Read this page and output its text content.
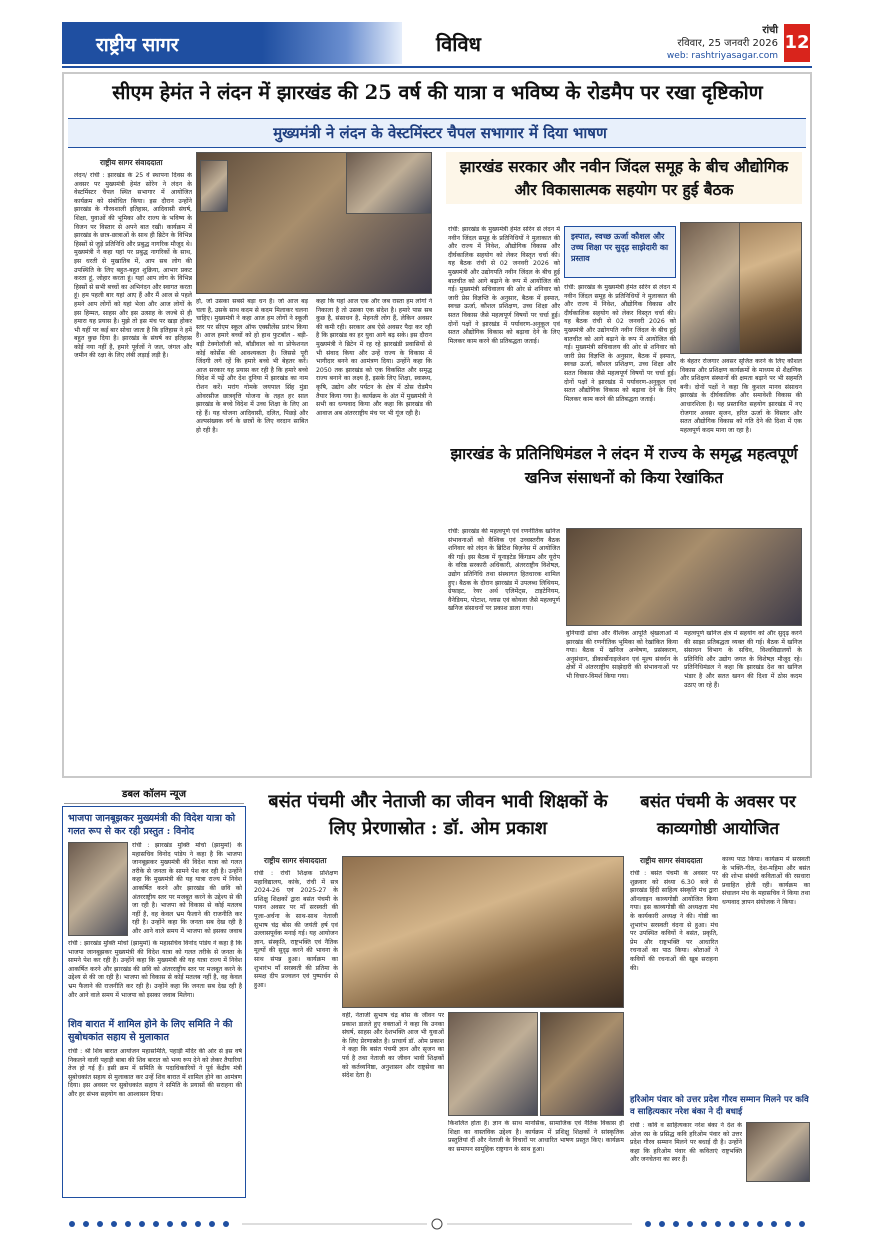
राष्ट्रीय सागर	विविध
रांची
रविवार, 25 जनवरी 2026
web: rashtriyasagar.com
12
सीएम हेमंत ने लंदन में झारखंड की 25 वर्ष की यात्रा व भविष्य के रोडमैप पर रखा दृष्टिकोण
मुख्यमंत्री ने लंदन के वेस्टमिंस्टर चैपल सभागार में दिया भाषण
राष्ट्रीय सागर संवाददाता
लंदन/ रांची : झारखंड के 25 वें स्थापना दिवस के अवसर पर मुख्यमंत्री हेमंत सोरेन ने लंदन के वेस्टमिंस्टर चैपल स्थित सभागार में आयोजित कार्यक्रम को संबोधित किया। इस दौरान उन्होंने झारखंड के गौरवशाली इतिहास, आदिवासी संघर्ष, शिक्षा, युवाओं की भूमिका और राज्य के भविष्य के विजन पर विस्तार से अपने बात रखी। कार्यक्रम में झारखंड के छात्र-छात्राओं के साथ ही ब्रिटेन के विभिन्न हिस्सों से जुड़े प्रतिनिधि और प्रबुद्ध नागरिक मौजूद थे। मुख्यमंत्री ने कहा यहां पर प्रबुद्ध नागरिकों के साथ, इस धरती से मुखातिब में, आप सब लोग की उपस्थिति के लिए बहुत-बहुत शुक्रिया, आभार प्रकट करता हूं, जोहार करता हूं। यहां आप लोग के विभिन्न हिस्सों से सभी बच्चों का अभिनंदन और स्वागत करता हूं। हम पहली बार यहां आए हैं और मैं आज से पहले हमने आप लोगों को यहां भेजा और आज लोगों के इस हिम्मत, साहस और इस उत्साह के जज्बे से ही हमारा यह प्रयास है। मुझे तो इस मंच पर खड़ा होकर भी यहीं पर कई बार सोचा जाता है कि इतिहास ने हमें बहुत कुछ दिया है। झारखंड के संघर्ष का इतिहास कोई नया नहीं है, हमारे पूर्वजों ने जल, जंगल और जमीन की रक्षा के लिए लंबी लड़ाई लड़ी है।
हो, जो उसका सबसे बड़ा धन है। जो आज बड़ चला है, उसके साथ कदम से कदम मिलाकर चलना चाहिए। मुख्यमंत्री ने कहा आज हम लोगों ने स्कूली स्तर पर सीएम स्कूल ऑफ एक्सीलेंस प्रारंभ किया है। आज हमारे बच्चों को हो हाथ फुटबॉल - बड़ी-बड़ी टेक्नोलॉजी को, बॉडीवाल को या प्रोफेशनल कोई कोर्सेस की आवश्यकता है। जिससे पूरी जिंदगी लगे रहें कि हमारे बच्चे भी बेहतर करें। आज सरकार यह प्रयास कर रही है कि हमारे बच्चे विदेश में पढ़ें और देश दुनिया में झारखंड का नाम रोशन करें। मरांग गोमके जयपाल सिंह मुंडा ओवरसीज छात्रवृत्ति योजना के तहत हर साल झारखंड के बच्चे विदेश में उच्च शिक्षा के लिए आ रहे हैं। यह योजना आदिवासी, दलित, पिछड़े और अल्पसंख्यक वर्ग के छात्रों के लिए वरदान साबित हो रही है।
कहा कि यहां आज एक और जब रास्ता हम लोगों ने निकाला है तो उसका एक संदेश है। हमारे पास सब कुछ है, संसाधन है, मेहनती लोग हैं, लेकिन अवसर की कमी रही। सरकार अब ऐसे अवसर पैदा कर रही है कि झारखंड का हर युवा आगे बढ़ सके। इस दौरान मुख्यमंत्री ने ब्रिटेन में रह रहे झारखंडी प्रवासियों से भी संवाद किया और उन्हें राज्य के विकास में भागीदार बनने का आमंत्रण दिया। उन्होंने कहा कि 2050 तक झारखंड को एक विकसित और समृद्ध राज्य बनाने का लक्ष्य है, इसके लिए शिक्षा, स्वास्थ्य, कृषि, उद्योग और पर्यटन के क्षेत्र में ठोस रोडमैप तैयार किया गया है। कार्यक्रम के अंत में मुख्यमंत्री ने सभी का धन्यवाद किया और कहा कि झारखंड की आवाज अब अंतरराष्ट्रीय मंच पर भी गूंज रही है।
झारखंड सरकार और नवीन जिंदल समूह के बीच औद्योगिक और विकासात्मक सहयोग पर हुई बैठक
रांची: झारखंड के मुख्यमंत्री हेमंत सोरेन से लंदन में नवीन जिंदल समूह के प्रतिनिधियों ने मुलाकात की और राज्य में निवेश, औद्योगिक विकास और दीर्घकालिक सहयोग को लेकर विस्तृत चर्चा की। यह बैठक रांची से 02 जनवरी 2026 को मुख्यमंत्री और उद्योगपति नवीन जिंदल के बीच हुई बातचीत को आगे बढ़ाने के रूप में आयोजित की गई। मुख्यमंत्री सचिवालय की ओर से शनिवार को जारी प्रेस विज्ञप्ति के अनुसार, बैठक में इस्पात, स्वच्छ ऊर्जा, कौशल प्रशिक्षण, उच्च शिक्षा और सतत विकास जैसे महत्वपूर्ण विषयों पर चर्चा हुई। दोनों पक्षों ने झारखंड में पर्यावरण-अनुकूल एवं सतत औद्योगिक विकास को बढ़ावा देने के लिए मिलकर काम करने की प्रतिबद्धता जताई।
इस्पात, स्वच्छ ऊर्जा कौशल और उच्च शिक्षा पर सुदृढ़ साझेदारी का प्रस्ताव
रांची: झारखंड के मुख्यमंत्री हेमंत सोरेन से लंदन में नवीन जिंदल समूह के प्रतिनिधियों ने मुलाकात की और राज्य में निवेश, औद्योगिक विकास और दीर्घकालिक सहयोग को लेकर विस्तृत चर्चा की। यह बैठक रांची से 02 जनवरी 2026 को मुख्यमंत्री और उद्योगपति नवीन जिंदल के बीच हुई बातचीत को आगे बढ़ाने के रूप में आयोजित की गई। मुख्यमंत्री सचिवालय की ओर से शनिवार को जारी प्रेस विज्ञप्ति के अनुसार, बैठक में इस्पात, स्वच्छ ऊर्जा, कौशल प्रशिक्षण, उच्च शिक्षा और सतत विकास जैसे महत्वपूर्ण विषयों पर चर्चा हुई। दोनों पक्षों ने झारखंड में पर्यावरण-अनुकूल एवं सतत औद्योगिक विकास को बढ़ावा देने के लिए मिलकर काम करने की प्रतिबद्धता जताई।
के बेहतर रोजगार अवसर सृजित करने के लिए कौशल विकास और प्रशिक्षण कार्यक्रमों के माध्यम से शैक्षणिक और प्रशिक्षण संस्थानों की क्षमता बढ़ाने पर भी सहमति बनी। दोनों पक्षों ने कहा कि कुशल मानव संसाधन झारखंड के दीर्घकालिक और समावेशी विकास की आधारशिला है। यह प्रस्तावित सहयोग झारखंड में नए रोजगार अवसर सृजन, हरित ऊर्जा के विस्तार और सतत औद्योगिक विकास को गति देने की दिशा में एक महत्वपूर्ण कदम माना जा रहा है।
झारखंड के प्रतिनिधिमंडल ने लंदन में राज्य के समृद्ध महत्वपूर्ण खनिज संसाधनों को किया रेखांकित
रांची: झारखंड की महत्वपूर्ण एवं रणनीतिक खनिज संभावनाओं को वैश्विक एवं उच्चस्तरीय बैठक शनिवार को लंदन के ब्रिटिश बिज़नेस में आयोजित की गई। इस बैठक में यूनाइटेड किंगडम और यूरोप के वरिष्ठ सरकारी अधिकारी, अंतरराष्ट्रीय विशेषज्ञ, उद्योग प्रतिनिधि तथा संस्थागत हितधारक शामिल हुए। बैठक के दौरान झारखंड में उपलब्ध लिथियम, ग्रेफाइट, रेयर अर्थ एलिमेंट्स, टाइटेनियम, वैनेडियम, पोटाश, ग्लास एवं कोयला जैसे महत्वपूर्ण खनिज संसाधनों पर प्रकाश डाला गया।
बुनियादी ढांचा और वैश्विक आपूर्ति श्रृंखलाओं में झारखंड की रणनीतिक भूमिका को रेखांकित किया गया। बैठक में खनिज अन्वेषण, प्रसंस्करण, अनुसंधान, डीकार्बोनाइजेशन एवं मूल्य संवर्धन के क्षेत्रों में अंतरराष्ट्रीय साझेदारी की संभावनाओं पर भी विचार-विमर्श किया गया।
महत्वपूर्ण खनिज क्षेत्र में सहयोग को और सुदृढ़ करने की साझा प्रतिबद्धता व्यक्त की गई। बैठक में खनिज संसाधन विभाग के सचिव, विश्वविद्यालयों के प्रतिनिधि और उद्योग जगत के विशेषज्ञ मौजूद रहे। प्रतिनिधिमंडल ने कहा कि झारखंड देश का खनिज भंडार है और सतत खनन की दिशा में ठोस कदम उठाए जा रहे हैं।
डबल कॉलम न्यूज
भाजपा जानबूझकर मुख्यमंत्री की विदेश यात्रा को गलत रूप से कर रही प्रस्तुत : विनोद
रांची : झारखंड मुक्ति मोर्चा (झामुमो) के महासचिव विनोद पांडेय ने कहा है कि भाजपा जानबूझकर मुख्यमंत्री की विदेश यात्रा को गलत तरीके से जनता के सामने पेश कर रही है। उन्होंने कहा कि मुख्यमंत्री की यह यात्रा राज्य में निवेश आकर्षित करने और झारखंड की छवि को अंतरराष्ट्रीय स्तर पर मजबूत करने के उद्देश्य से की जा रही है। भाजपा को विकास से कोई मतलब नहीं है, वह केवल भ्रम फैलाने की राजनीति कर रही है। उन्होंने कहा कि जनता सब देख रही है और आने वाले समय में भाजपा को इसका जवाब
रांची : झारखंड मुक्ति मोर्चा (झामुमो) के महासचिव विनोद पांडेय ने कहा है कि भाजपा जानबूझकर मुख्यमंत्री की विदेश यात्रा को गलत तरीके से जनता के सामने पेश कर रही है। उन्होंने कहा कि मुख्यमंत्री की यह यात्रा राज्य में निवेश आकर्षित करने और झारखंड की छवि को अंतरराष्ट्रीय स्तर पर मजबूत करने के उद्देश्य से की जा रही है। भाजपा को विकास से कोई मतलब नहीं है, वह केवल भ्रम फैलाने की राजनीति कर रही है। उन्होंने कहा कि जनता सब देख रही है और आने वाले समय में भाजपा को इसका जवाब मिलेगा।
शिव बारात में शामिल होने के लिए समिति ने की सुबोधकांत सहाय से मुलाकात
रांची : श्री शिव बारात आयोजन महासमिति, पहाड़ी मंदिर की ओर से इस वर्ष निकलने वाली पहाड़ी बाबा की शिव बारात को भव्य रूप देने को लेकर तैयारियां तेज हो गई हैं। इसी क्रम में समिति के पदाधिकारियों ने पूर्व केंद्रीय मंत्री सुबोधकांत सहाय से मुलाकात कर उन्हें शिव बारात में शामिल होने का आमंत्रण दिया। इस अवसर पर सुबोधकांत सहाय ने समिति के प्रयासों की सराहना की और हर संभव सहयोग का आश्वासन दिया।
बसंत पंचमी और नेताजी का जीवन भावी शिक्षकों के लिए प्रेरणास्रोत : डॉ. ओम प्रकाश
राष्ट्रीय सागर संवाददाता
रांची : रांची शिक्षक प्रशिक्षण महाविद्यालय, कांके, रांची में सत्र 2024-26 एवं 2025-27 के प्रशिक्षु शिक्षकों द्वारा बसंत पंचमी के पावन अवसर पर माँ सरस्वती की पूजा-अर्चना के साथ-साथ नेताजी सुभाष चंद्र बोस की जयंती हर्ष एवं उल्लासपूर्वक मनाई गई। यह आयोजन ज्ञान, संस्कृति, राष्ट्रभक्ति एवं नैतिक मूल्यों की सुदृढ़ करने की भावना के साथ संपन्न हुआ। कार्यक्रम का शुभारंभ माँ सरस्वती की प्रतिमा के समक्ष दीप प्रज्वलन एवं पुष्पार्चन से हुआ।
वहीं, नेताजी सुभाष चंद्र बोस के जीवन पर प्रकाश डालते हुए वक्ताओं ने कहा कि उनका संघर्ष, साहस और देशभक्ति आज भी युवाओं के लिए प्रेरणास्रोत है। प्राचार्य डॉ. ओम प्रकाश ने कहा कि बसंत पंचमी ज्ञान और सृजन का पर्व है तथा नेताजी का जीवन भावी शिक्षकों को कर्तव्यनिष्ठा, अनुशासन और राष्ट्रसेवा का संदेश देता है।
किशलित होता है। ज्ञान के साथ मानसिक, सामाजिक एवं नैतिक विकास ही शिक्षा का वास्तविक उद्देश्य है। कार्यक्रम में प्रशिक्षु शिक्षकों ने सांस्कृतिक प्रस्तुतियां दीं और नेताजी के विचारों पर आधारित भाषण प्रस्तुत किए। कार्यक्रम का समापन सामूहिक राष्ट्रगान के साथ हुआ।
बसंत पंचमी के अवसर पर काव्यगोष्ठी आयोजित
राष्ट्रीय सागर संवाददाता
रांची : बसंत पंचमी के अवसर पर शुक्रवार को संध्या 6.30 बजे से झारखंड हिंदी साहित्य संस्कृति मंच द्वारा ऑनलाइन काव्यगोष्ठी आयोजित किया गया। इस काव्यगोष्ठी की अध्यक्षता मंच के कार्यकारी अध्यक्ष ने की। गोष्ठी का शुभारंभ सरस्वती वंदना से हुआ। मंच पर उपस्थित कवियों ने बसंत, प्रकृति, प्रेम और राष्ट्रभक्ति पर आधारित रचनाओं का पाठ किया। श्रोताओं ने कवियों की रचनाओं की खूब सराहना की।
काव्य पाठ किया। कार्यक्रम में सरस्वती के भक्ति-गीत, देश-महिमा और बसंत की शोभा संबंधी कविताओं की रसधारा प्रवाहित होती रही। कार्यक्रम का संचालन मंच के महासचिव ने किया तथा धन्यवाद ज्ञापन संयोजक ने किया।
हरिओम पंवार को उत्तर प्रदेश गौरव सम्मान मिलने पर कवि व साहित्यकार नरेश बंका ने दी बधाई
रांची : कवि व साहित्यकार नरेश बंका ने देश के ओज रस के प्रसिद्ध कवि हरिओम पंवार को उत्तर प्रदेश गौरव सम्मान मिलने पर बधाई दी है। उन्होंने कहा कि हरिओम पंवार की कविताएं राष्ट्रभक्ति और जनचेतना का स्वर हैं।
